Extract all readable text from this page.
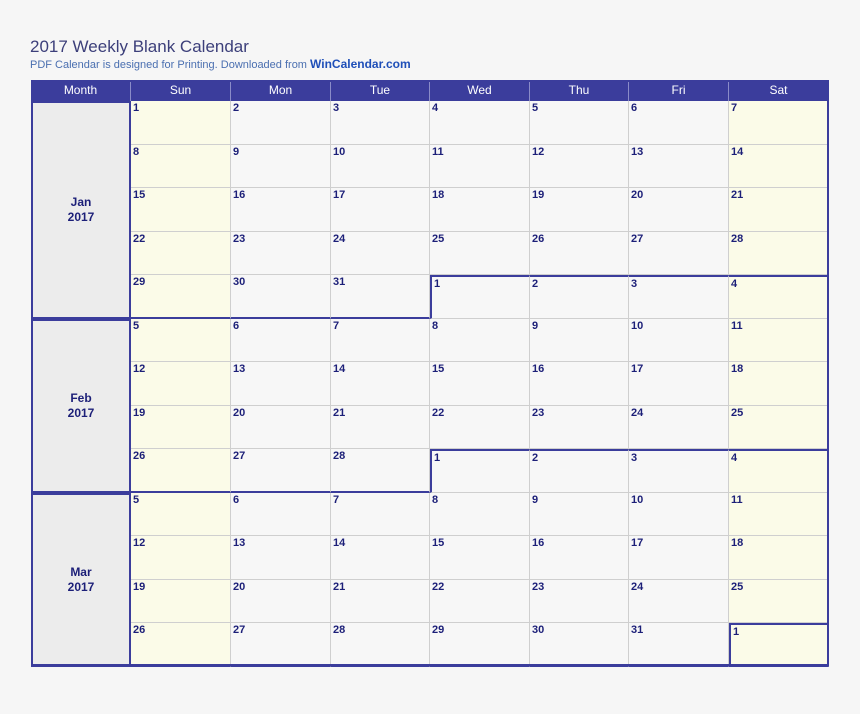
2017 Weekly Blank Calendar
PDF Calendar is designed for Printing. Downloaded from WinCalendar.com
Month	Sun	Mon	Tue	Wed	Thu	Fri	Sat
1	2	3	4	5	6	7
8	9	10	11	12	13	14
15	16	17	18	19	20	21
22	23	24	25	26	27	28
29	30	31	1	2	3	4
Jan
2017
5	6	7	8	9	10	11
12	13	14	15	16	17	18
19	20	21	22	23	24	25
26	27	28	1	2	3	4
Feb
2017
5	6	7	8	9	10	11
12	13	14	15	16	17	18
19	20	21	22	23	24	25
26	27	28	29	30	31	1
Mar
2017
